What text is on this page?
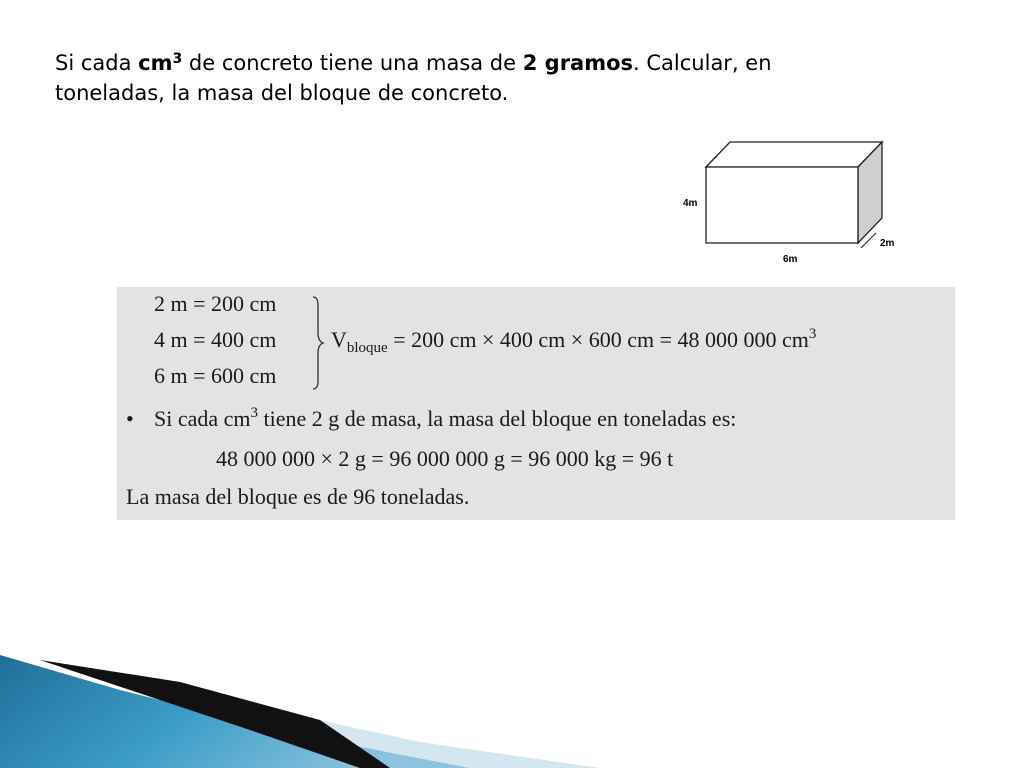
Si cada $cm^3$ de concreto tiene una masa de 2 gramos. Calcular, en
toneladas, la masa del bloque de concreto.
4m
6m
2m
2 m = 200 cm
4 m = 400 cm
6 m = 600 cm
$V_{bloque} = 200$ cm × 400 cm × 600 cm = 48 000 000 $cm^3$
• Si cada $cm^3$ tiene 2 g de masa, la masa del bloque en toneladas es:
48 000 000 × 2 g = 96 000 000 g = 96 000 kg = 96 t
La masa del bloque es de 96 toneladas.
